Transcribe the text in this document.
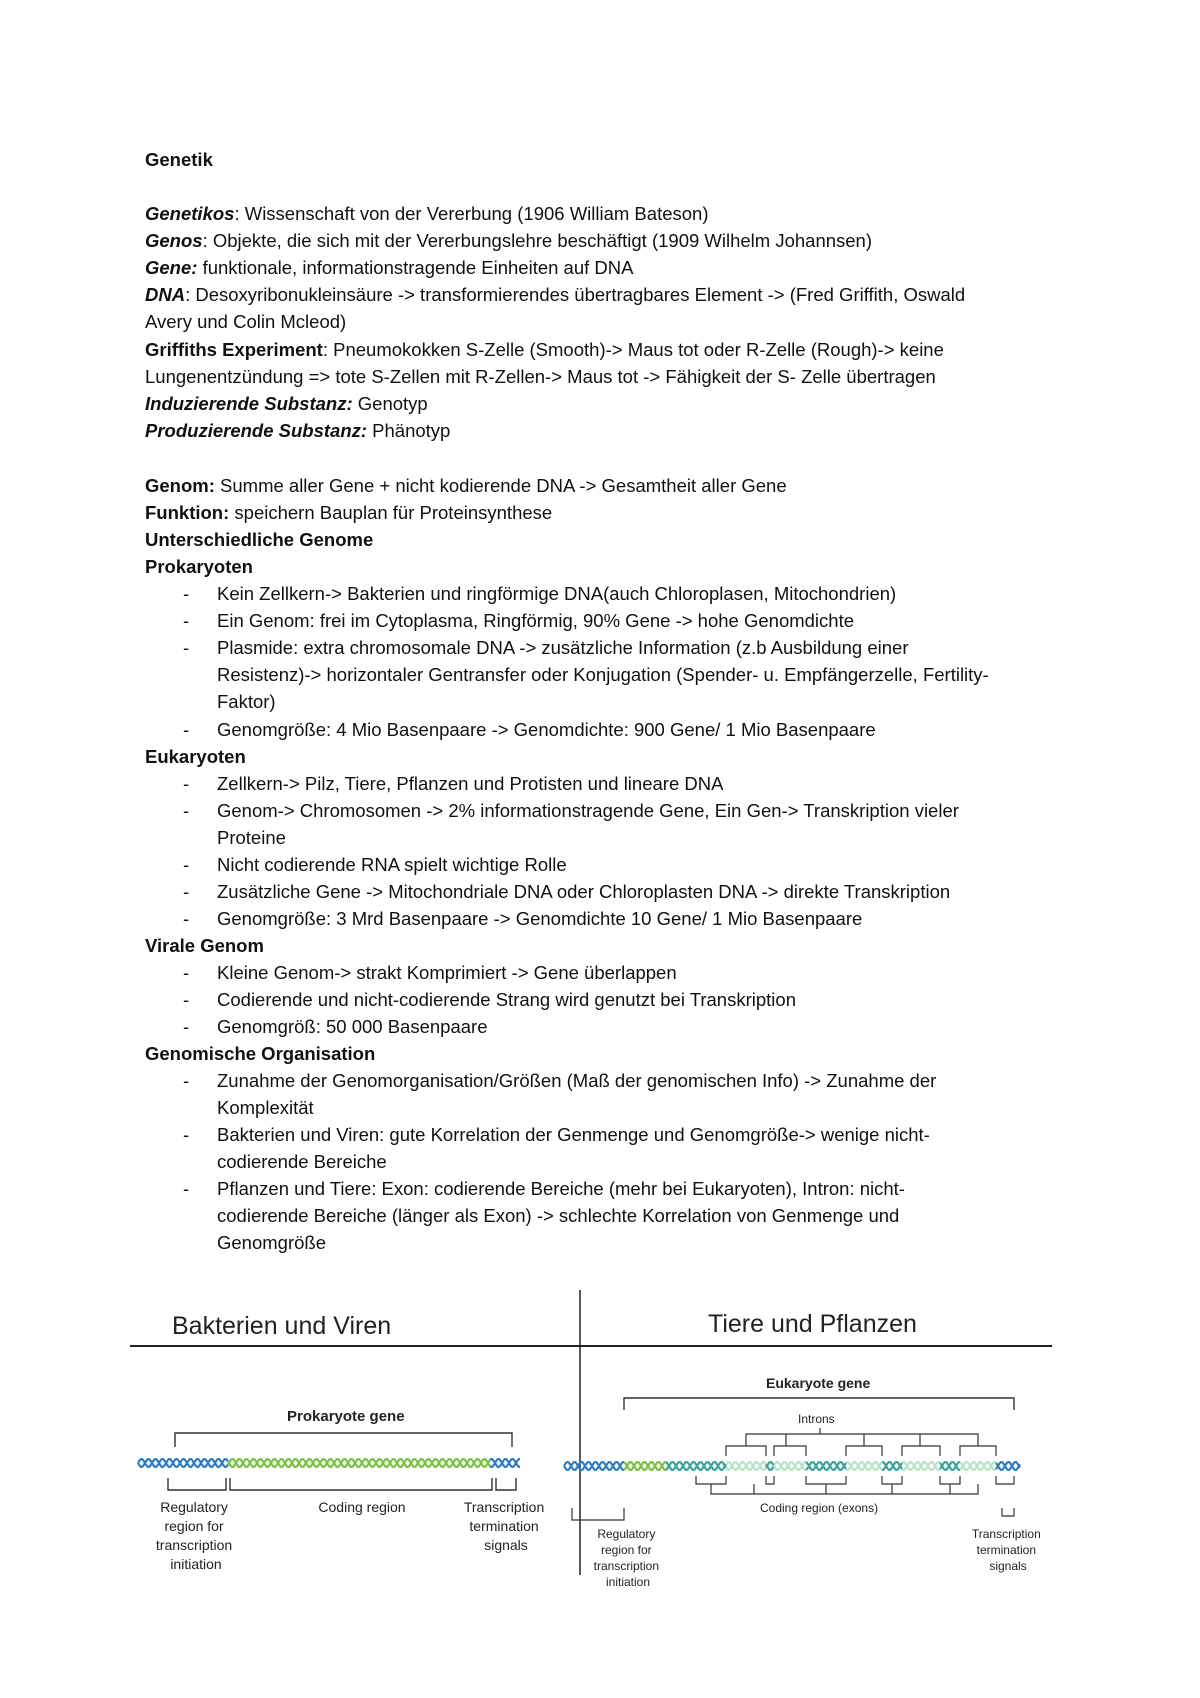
Genetik
Genetikos: Wissenschaft von der Vererbung (1906 William Bateson)
Genos: Objekte, die sich mit der Vererbungslehre beschäftigt (1909 Wilhelm Johannsen)
Gene: funktionale, informationstragende Einheiten auf DNA
DNA: Desoxyribonukleinsäure -> transformierendes übertragbares Element -> (Fred Griffith, Oswald
Avery und Colin Mcleod)
Griffiths Experiment: Pneumokokken S-Zelle (Smooth)-> Maus tot oder R-Zelle (Rough)-> keine
Lungenentzündung => tote S-Zellen mit R-Zellen-> Maus tot -> Fähigkeit der S- Zelle übertragen
Induzierende Substanz: Genotyp
Produzierende Substanz: Phänotyp
Genom: Summe aller Gene + nicht kodierende DNA -> Gesamtheit aller Gene
Funktion: speichern Bauplan für Proteinsynthese
Unterschiedliche Genome
Prokaryoten
- Kein Zellkern-> Bakterien und ringförmige DNA(auch Chloroplasen, Mitochondrien)
- Ein Genom: frei im Cytoplasma, Ringförmig, 90% Gene -> hohe Genomdichte
- Plasmide: extra chromosomale DNA -> zusätzliche Information (z.b Ausbildung einer
Resistenz)-> horizontaler Gentransfer oder Konjugation (Spender- u. Empfängerzelle, Fertility-
Faktor)
- Genomgröße: 4 Mio Basenpaare -> Genomdichte: 900 Gene/ 1 Mio Basenpaare
Eukaryoten
- Zellkern-> Pilz, Tiere, Pflanzen und Protisten und lineare DNA
- Genom-> Chromosomen -> 2% informationstragende Gene, Ein Gen-> Transkription vieler
Proteine
- Nicht codierende RNA spielt wichtige Rolle
- Zusätzliche Gene -> Mitochondriale DNA oder Chloroplasten DNA -> direkte Transkription
- Genomgröße: 3 Mrd Basenpaare -> Genomdichte 10 Gene/ 1 Mio Basenpaare
Virale Genom
- Kleine Genom-> strakt Komprimiert -> Gene überlappen
- Codierende und nicht-codierende Strang wird genutzt bei Transkription
- Genomgröß: 50 000 Basenpaare
Genomische Organisation
- Zunahme der Genomorganisation/Größen (Maß der genomischen Info) -> Zunahme der
Komplexität
- Bakterien und Viren: gute Korrelation der Genmenge und Genomgröße-> wenige nicht-
codierende Bereiche
- Pflanzen und Tiere: Exon: codierende Bereiche (mehr bei Eukaryoten), Intron: nicht-
codierende Bereiche (länger als Exon) -> schlechte Korrelation von Genmenge und
Genomgröße
Bakterien und Viren	Tiere und Pflanzen
Prokaryote gene
Regulatory region for transcription initiation
Coding region	Transcription termination signals
Eukaryote gene
Introns
Coding region (exons)
Regulatory region for transcription initiation
Transcription termination signals
